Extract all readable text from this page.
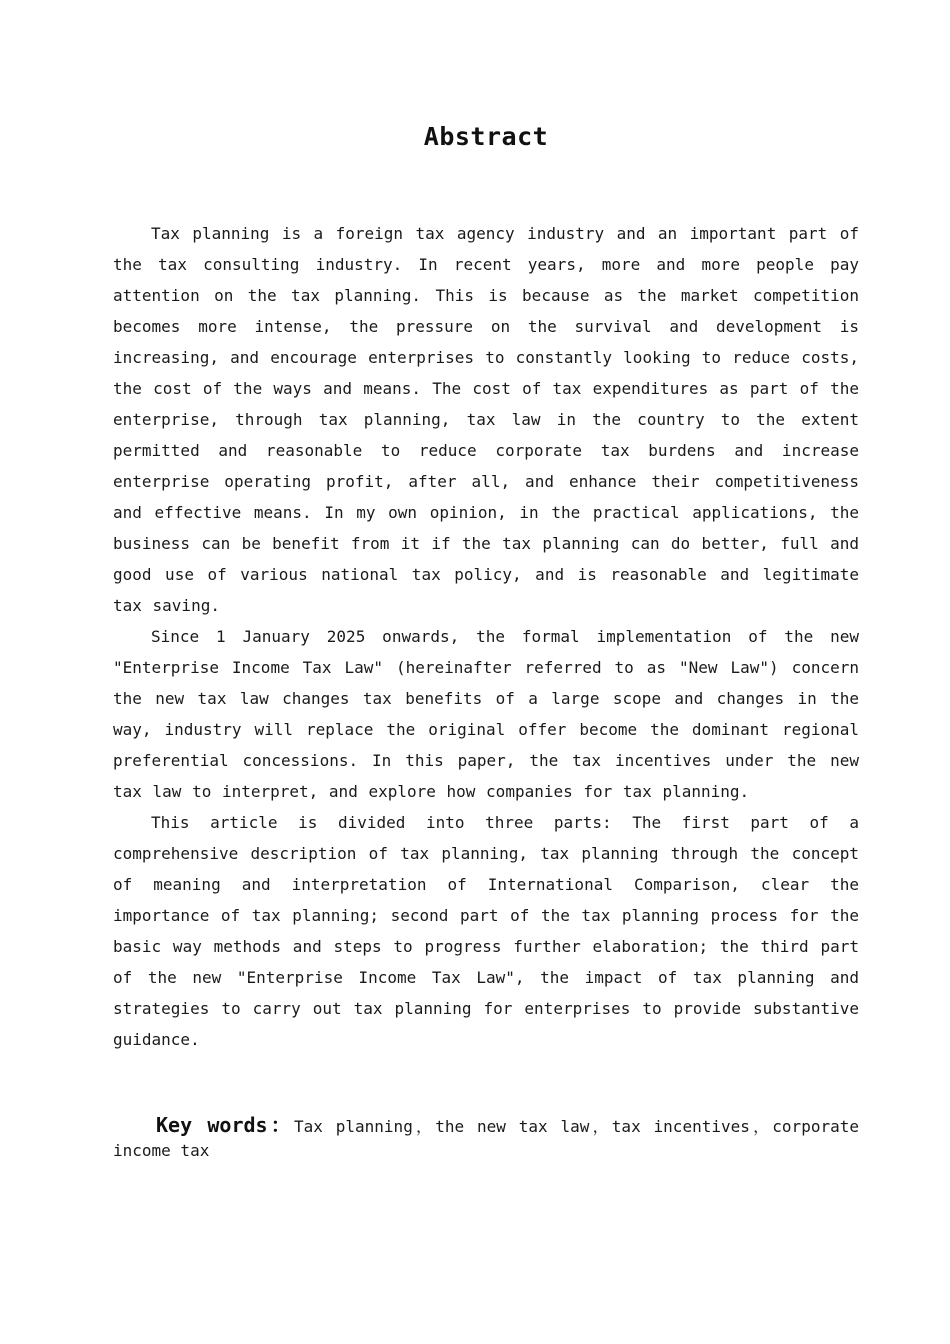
Abstract

Tax planning is a foreign tax agency industry and an important part of the tax consulting industry. In recent years, more and more people pay attention on the tax planning. This is because as the market competition becomes more intense, the pressure on the survival and development is increasing, and encourage enterprises to constantly looking to reduce costs, the cost of the ways and means. The cost of tax expenditures as part of the enterprise, through tax planning, tax law in the country to the extent permitted and reasonable to reduce corporate tax burdens and increase enterprise operating profit, after all, and enhance their competitiveness and effective means. In my own opinion, in the practical applications, the business can be benefit from it if the tax planning can do better, full and good use of various national tax policy, and is reasonable and legitimate tax saving.

Since 1 January 2025 onwards, the formal implementation of the new "Enterprise Income Tax Law" (hereinafter referred to as "New Law") concern the new tax law changes tax benefits of a large scope and changes in the way, industry will replace the original offer become the dominant regional preferential concessions. In this paper, the tax incentives under the new tax law to interpret, and explore how companies for tax planning.

This article is divided into three parts: The first part of a comprehensive description of tax planning, tax planning through the concept of meaning and interpretation of International Comparison, clear the importance of tax planning; second part of the tax planning process for the basic way methods and steps to progress further elaboration; the third part of the new "Enterprise Income Tax Law", the impact of tax planning and strategies to carry out tax planning for enterprises to provide substantive guidance.

Key words：Tax planning，the new tax law，tax incentives，corporate income tax
